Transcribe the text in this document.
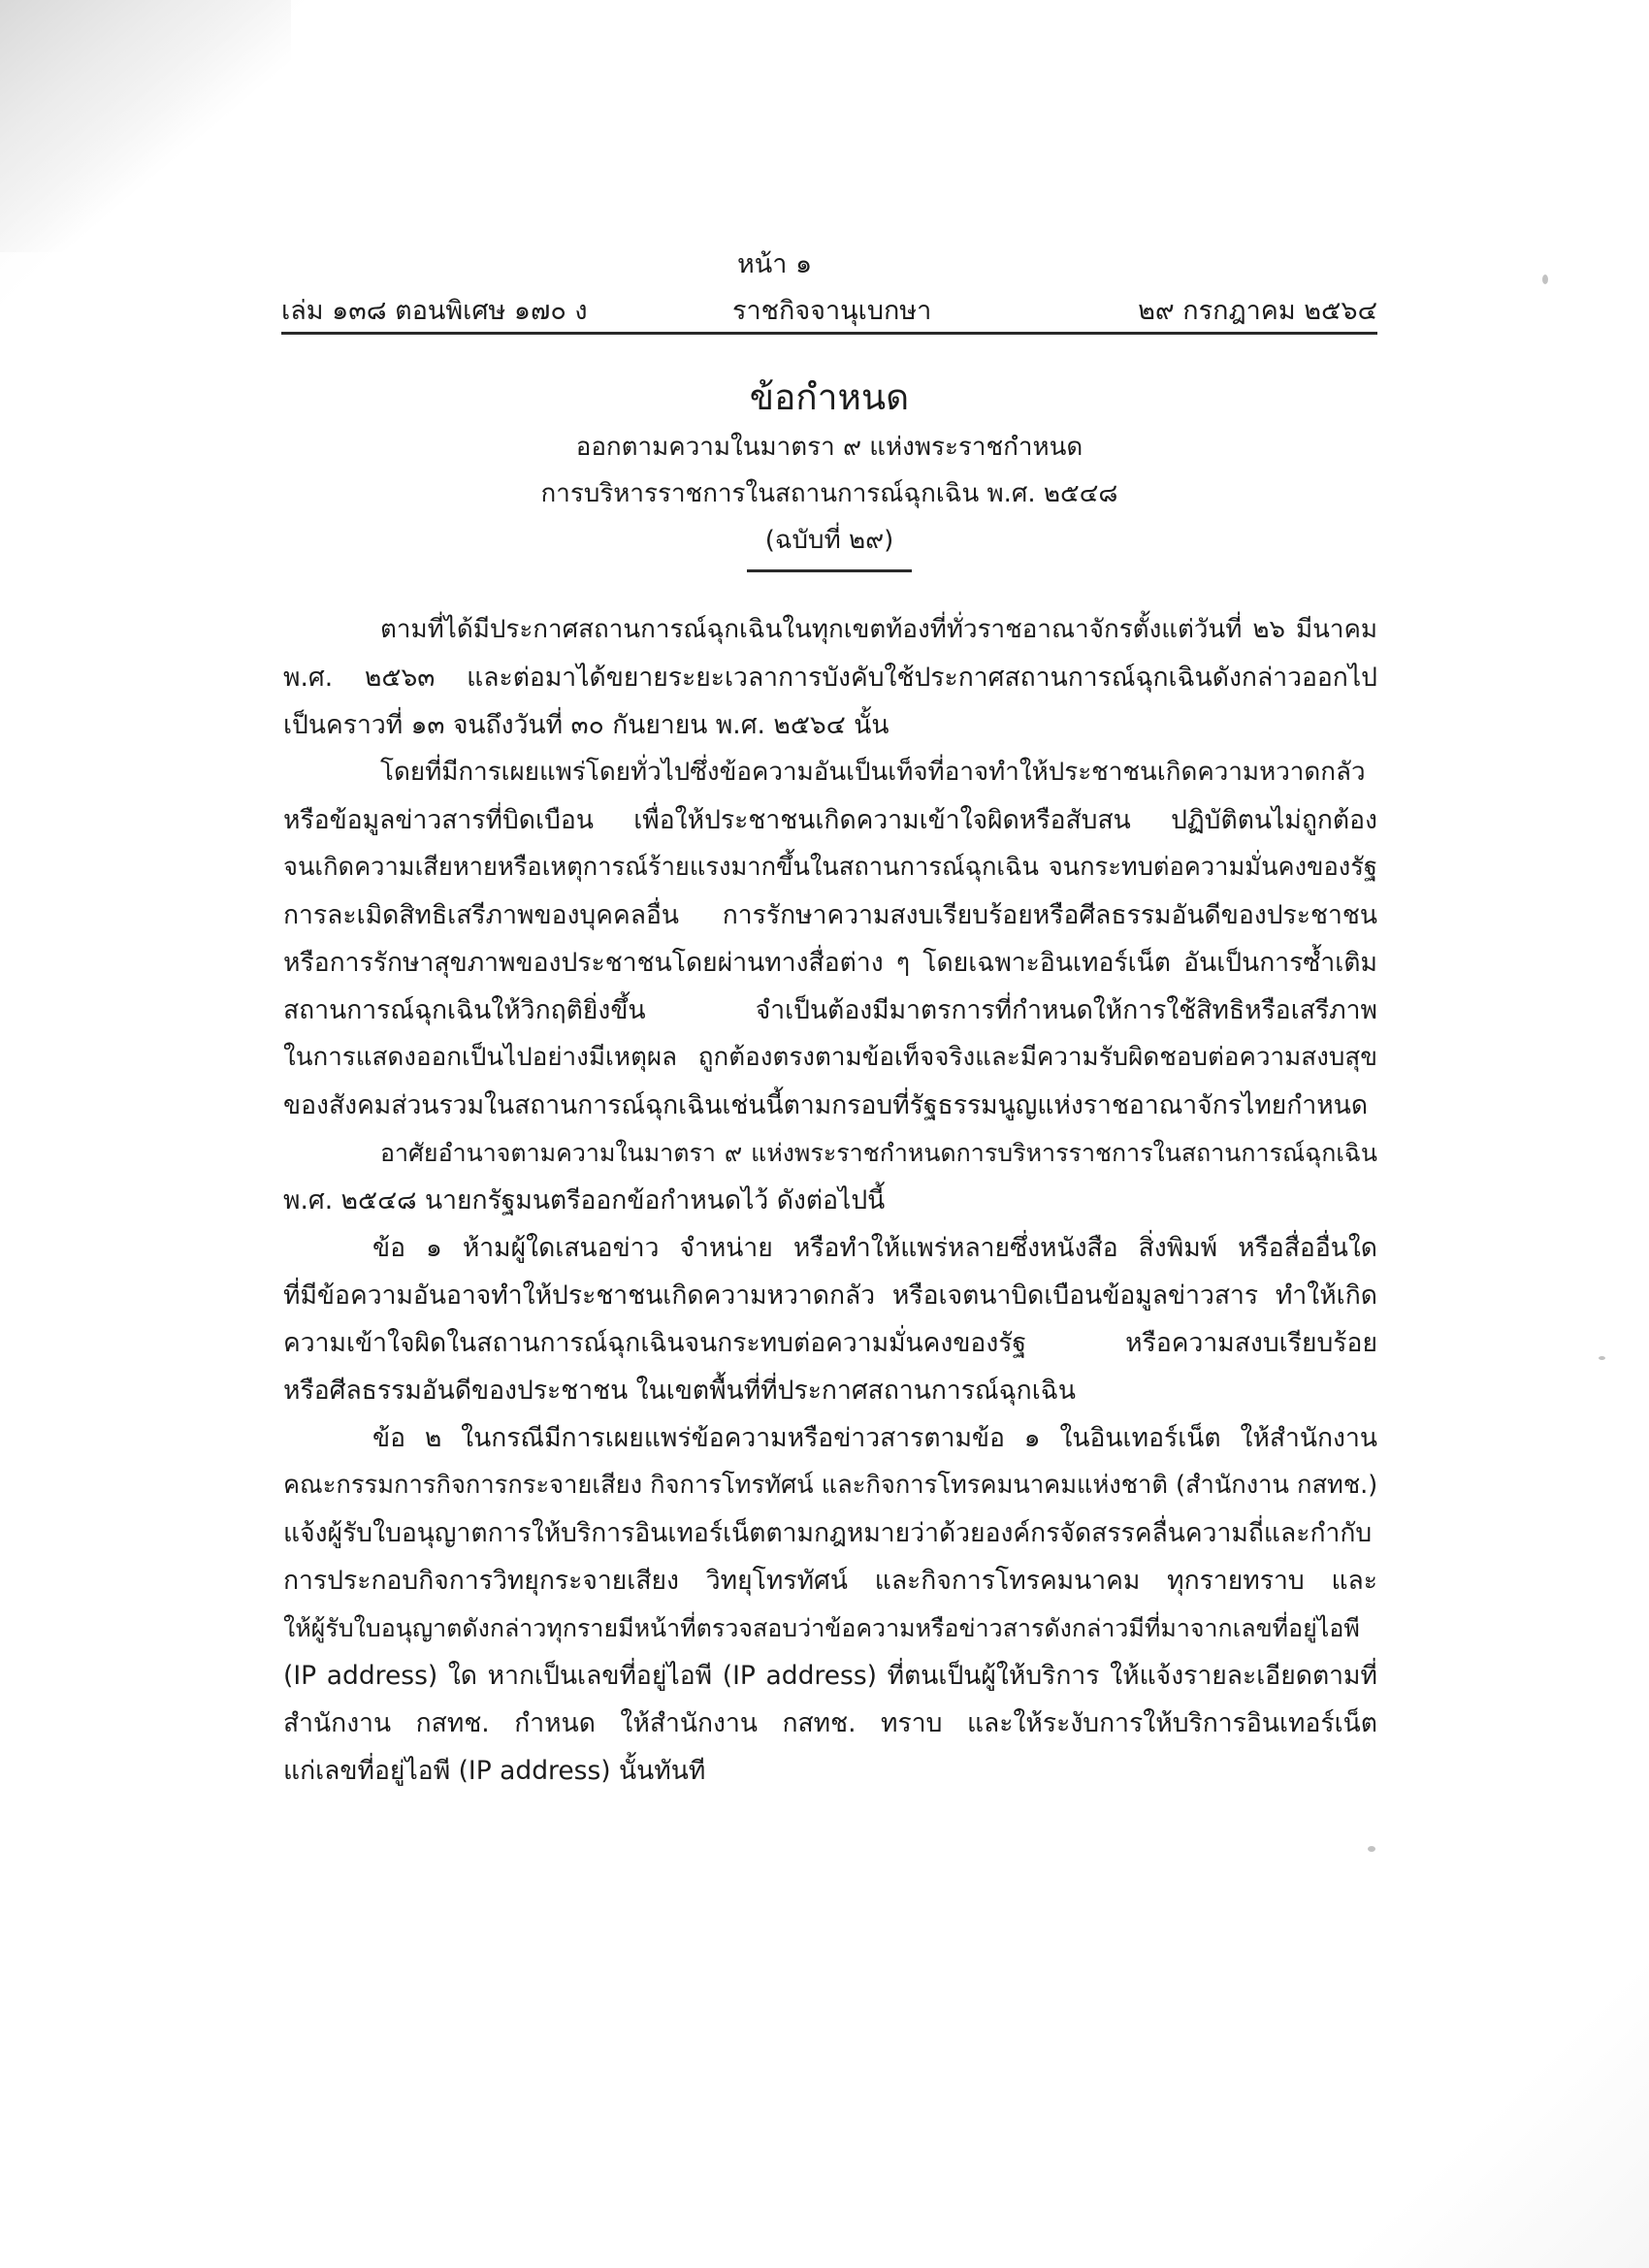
หน้า ๑
เล่ม ๑๓๘ ตอนพิเศษ ๑๗๐ ง	ราชกิจจานุเบกษา	๒๙ กรกฎาคม ๒๕๖๔
ข้อกำหนด
ออกตามความในมาตรา ๙ แห่งพระราชกำหนด
การบริหารราชการในสถานการณ์ฉุกเฉิน พ.ศ. ๒๕๔๘
(ฉบับที่ ๒๙)
ตามที่ได้มีประกาศสถานการณ์ฉุกเฉินในทุกเขตท้องที่ทั่วราชอาณาจักรตั้งแต่วันที่ ๒๖ มีนาคม
พ.ศ. ๒๕๖๓ และต่อมาได้ขยายระยะเวลาการบังคับใช้ประกาศสถานการณ์ฉุกเฉินดังกล่าวออกไป
เป็นคราวที่ ๑๓ จนถึงวันที่ ๓๐ กันยายน พ.ศ. ๒๕๖๔ นั้น
โดยที่มีการเผยแพร่โดยทั่วไปซึ่งข้อความอันเป็นเท็จที่อาจทำให้ประชาชนเกิดความหวาดกลัว
หรือข้อมูลข่าวสารที่บิดเบือน เพื่อให้ประชาชนเกิดความเข้าใจผิดหรือสับสน ปฏิบัติตนไม่ถูกต้อง
จนเกิดความเสียหายหรือเหตุการณ์ร้ายแรงมากขึ้นในสถานการณ์ฉุกเฉิน จนกระทบต่อความมั่นคงของรัฐ
การละเมิดสิทธิเสรีภาพของบุคคลอื่น การรักษาความสงบเรียบร้อยหรือศีลธรรมอันดีของประชาชน
หรือการรักษาสุขภาพของประชาชนโดยผ่านทางสื่อต่าง ๆ โดยเฉพาะอินเทอร์เน็ต อันเป็นการซ้ำเติม
สถานการณ์ฉุกเฉินให้วิกฤติยิ่งขึ้น จำเป็นต้องมีมาตรการที่กำหนดให้การใช้สิทธิหรือเสรีภาพ
ในการแสดงออกเป็นไปอย่างมีเหตุผล ถูกต้องตรงตามข้อเท็จจริงและมีความรับผิดชอบต่อความสงบสุข
ของสังคมส่วนรวมในสถานการณ์ฉุกเฉินเช่นนี้ตามกรอบที่รัฐธรรมนูญแห่งราชอาณาจักรไทยกำหนด
อาศัยอำนาจตามความในมาตรา ๙ แห่งพระราชกำหนดการบริหารราชการในสถานการณ์ฉุกเฉิน
พ.ศ. ๒๕๔๘ นายกรัฐมนตรีออกข้อกำหนดไว้ ดังต่อไปนี้
ข้อ ๑ ห้ามผู้ใดเสนอข่าว จำหน่าย หรือทำให้แพร่หลายซึ่งหนังสือ สิ่งพิมพ์ หรือสื่ออื่นใด
ที่มีข้อความอันอาจทำให้ประชาชนเกิดความหวาดกลัว หรือเจตนาบิดเบือนข้อมูลข่าวสาร ทำให้เกิด
ความเข้าใจผิดในสถานการณ์ฉุกเฉินจนกระทบต่อความมั่นคงของรัฐ หรือความสงบเรียบร้อย
หรือศีลธรรมอันดีของประชาชน ในเขตพื้นที่ที่ประกาศสถานการณ์ฉุกเฉิน
ข้อ ๒ ในกรณีมีการเผยแพร่ข้อความหรือข่าวสารตามข้อ ๑ ในอินเทอร์เน็ต ให้สำนักงาน
คณะกรรมการกิจการกระจายเสียง กิจการโทรทัศน์ และกิจการโทรคมนาคมแห่งชาติ (สำนักงาน กสทช.)
แจ้งผู้รับใบอนุญาตการให้บริการอินเทอร์เน็ตตามกฎหมายว่าด้วยองค์กรจัดสรรคลื่นความถี่และกำกับ
การประกอบกิจการวิทยุกระจายเสียง วิทยุโทรทัศน์ และกิจการโทรคมนาคม ทุกรายทราบ และ
ให้ผู้รับใบอนุญาตดังกล่าวทุกรายมีหน้าที่ตรวจสอบว่าข้อความหรือข่าวสารดังกล่าวมีที่มาจากเลขที่อยู่ไอพี
(IP address) ใด หากเป็นเลขที่อยู่ไอพี (IP address) ที่ตนเป็นผู้ให้บริการ ให้แจ้งรายละเอียดตามที่
สำนักงาน กสทช. กำหนด ให้สำนักงาน กสทช. ทราบ และให้ระงับการให้บริการอินเทอร์เน็ต
แก่เลขที่อยู่ไอพี (IP address) นั้นทันที
